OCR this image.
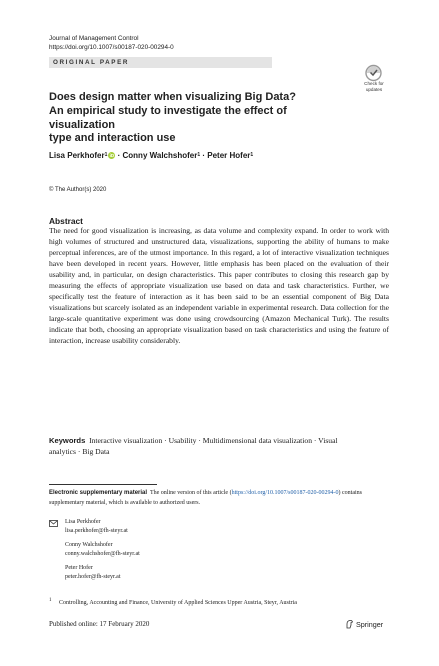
Journal of Management Control
https://doi.org/10.1007/s00187-020-00294-0
ORIGINAL PAPER
Check for
updates
Does design matter when visualizing Big Data?
An empirical study to investigate the effect of visualization
type and interaction use
Lisa Perkhofer$^1$ iD · Conny Walchshofer$^1$ · Peter Hofer$^1$
© The Author(s) 2020
Abstract
The need for good visualization is increasing, as data volume and complexity expand. In order to work with high volumes of structured and unstructured data, visualizations, supporting the ability of humans to make perceptual inferences, are of the utmost importance. In this regard, a lot of interactive visualization techniques have been developed in recent years. However, little emphasis has been placed on the evaluation of their usability and, in particular, on design characteristics. This paper contributes to closing this research gap by measuring the effects of appropriate visualization use based on data and task characteristics. Further, we specifically test the feature of interaction as it has been said to be an essential component of Big Data visualizations but scarcely isolated as an independent variable in experimental research. Data collection for the large-scale quantitative experiment was done using crowdsourcing (Amazon Mechanical Turk). The results indicate that both, choosing an appropriate visualization based on task characteristics and using the feature of interaction, increase usability considerably.
Keywords Interactive visualization · Usability · Multidimensional data visualization · Visual analytics · Big Data
Electronic supplementary material The online version of this article (https://doi.org/10.1007/s00187-020-00294-0) contains supplementary material, which is available to authorized users.
Lisa Perkhofer
lisa.perkhofer@fh-steyr.at
Conny Walchshofer
conny.walchshofer@fh-steyr.at
Peter Hofer
peter.hofer@fh-steyr.at
$^1$ Controlling, Accounting and Finance, University of Applied Sciences Upper Austria, Steyr, Austria
Published online: 17 February 2020	Springer
